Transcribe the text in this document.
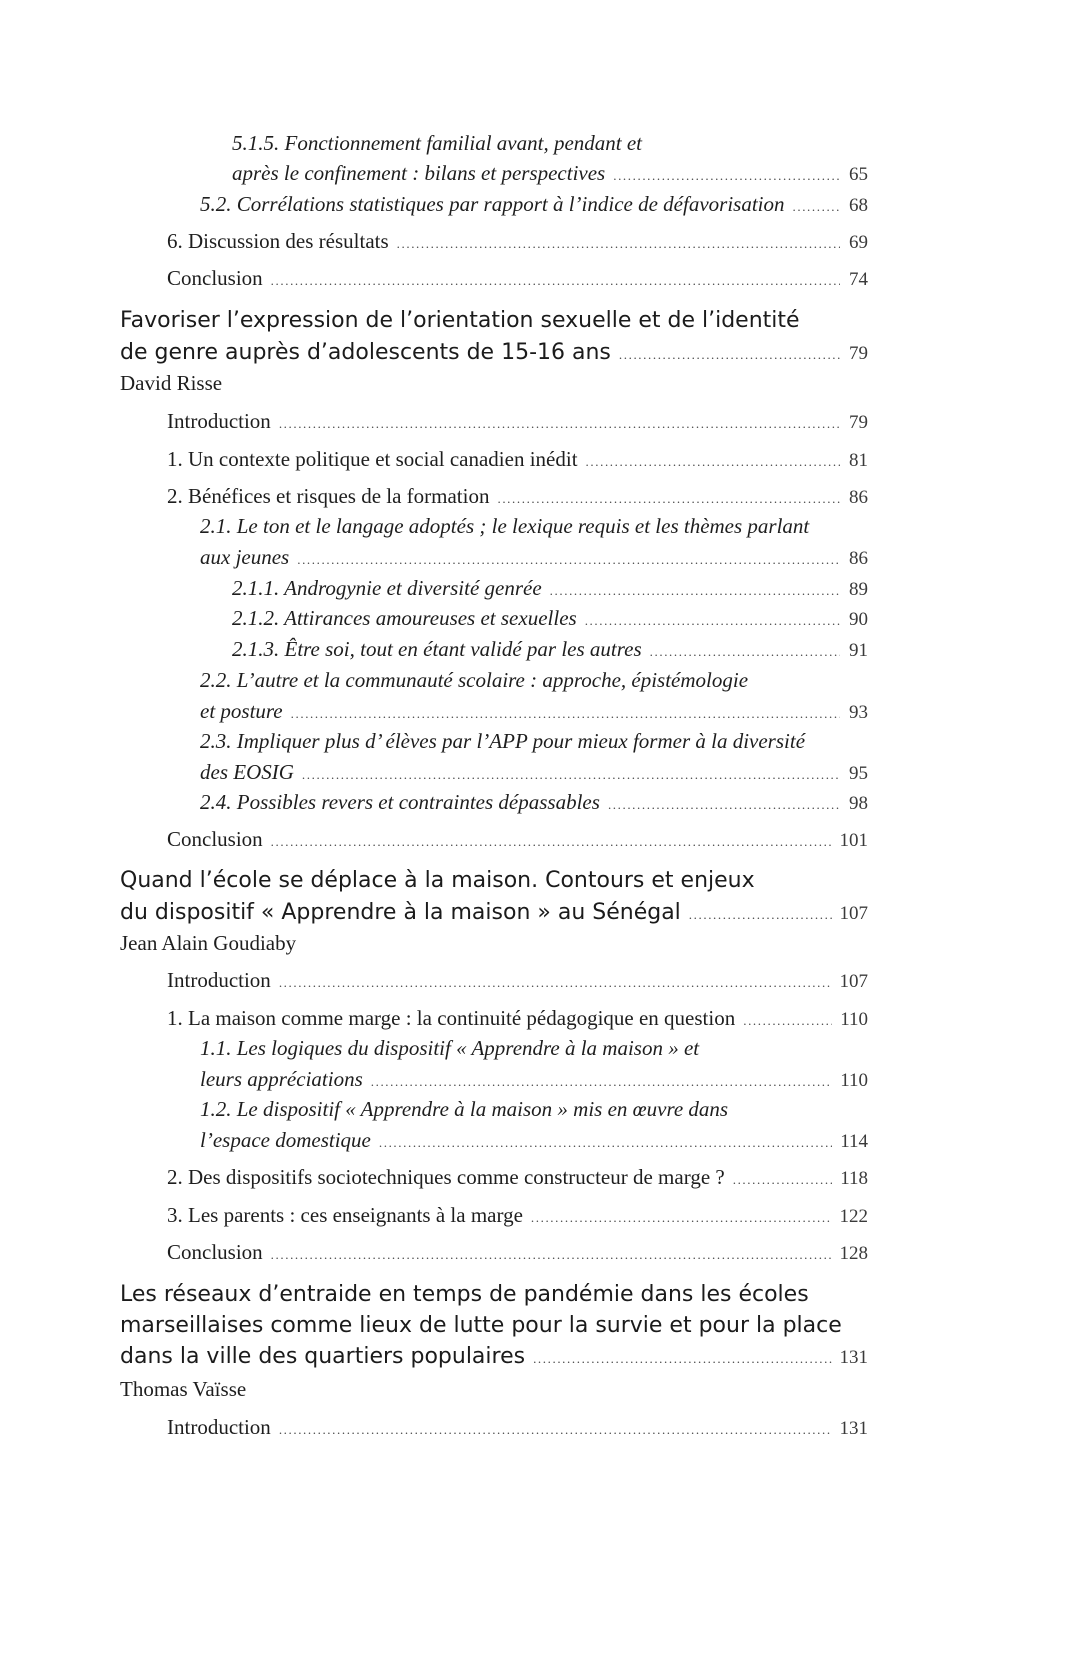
5.1.5. Fonctionnement familial avant, pendant et
après le confinement : bilans et perspectives .....	65
5.2. Corrélations statistiques par rapport à l’indice de défavorisation .....	68
6. Discussion des résultats .....	69
Conclusion .....	74
Favoriser l’expression de l’orientation sexuelle et de l’identité
de genre auprès d’adolescents de 15-16 ans .....	79
David Risse
Introduction .....	79
1. Un contexte politique et social canadien inédit .....	81
2. Bénéfices et risques de la formation .....	86
2.1. Le ton et le langage adoptés ; le lexique requis et les thèmes parlant
aux jeunes .....	86
2.1.1. Androgynie et diversité genrée .....	89
2.1.2. Attirances amoureuses et sexuelles .....	90
2.1.3. Être soi, tout en étant validé par les autres .....	91
2.2. L’autre et la communauté scolaire : approche, épistémologie
et posture .....	93
2.3. Impliquer plus d’ élèves par l’APP pour mieux former à la diversité
des EOSIG .....	95
2.4. Possibles revers et contraintes dépassables .....	98
Conclusion .....	101
Quand l’école se déplace à la maison. Contours et enjeux
du dispositif « Apprendre à la maison » au Sénégal .....	107
Jean Alain Goudiaby
Introduction .....	107
1. La maison comme marge : la continuité pédagogique en question .....	110
1.1. Les logiques du dispositif « Apprendre à la maison » et
leurs appréciations .....	110
1.2. Le dispositif « Apprendre à la maison » mis en œuvre dans
l’espace domestique .....	114
2. Des dispositifs sociotechniques comme constructeur de marge ? .....	118
3. Les parents : ces enseignants à la marge .....	122
Conclusion .....	128
Les réseaux d’entraide en temps de pandémie dans les écoles
marseillaises comme lieux de lutte pour la survie et pour la place
dans la ville des quartiers populaires .....	131
Thomas Vaïsse
Introduction .....	131
